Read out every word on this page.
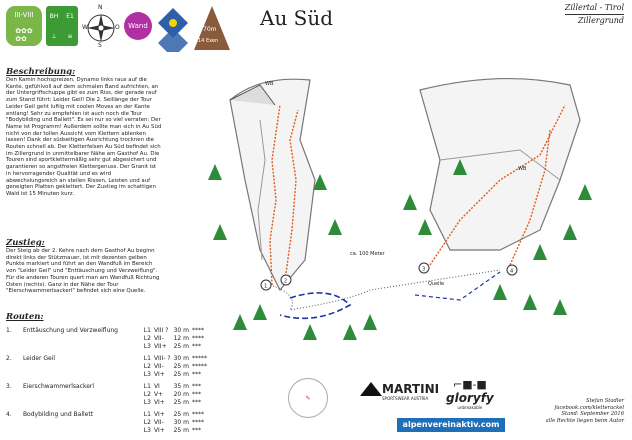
III-VIII
✿✿✿
✿✿
BH	E1
⊥	≡
N
O
S
W	Wand	70m
14 Exen
Au Süd	Zillertal - Tirol
Zillergrund
Beschreibung:
Den Kamin hochspreizen, Dynamo links raus auf die Kante, gefühlvoll auf dem schmalen Band aufrichten, an der Untergriffschuppe gibt es zum Riss, der gerade rauf zum Stand führt: Leider Geil! Die 2. Seillänge der Tour Leider Geil geht luftig mit coolen Moves an der Kante entlang! Sehr zu empfehlen ist auch noch die Tour "Bodybilding und Ballett". Es sei nur so viel verraten: Der Name ist Programm! Außerdem sollte man sich in Au Süd nicht von der tollen Aussicht vom Klettern ablenken lassen! Dank der südseitigen Ausrichtung trocknen die Routen schnell ab. Der Kletterfelsen Au Süd befindet sich im Zillergrund in unmittelbarer Nähe am Gasthof Au. Die Touren sind sportklettermäßig sehr gut abgesichert und garantieren so angstfreien Klettergenuss. Der Granit ist in hervorragender Qualität und es wird abwechslungsreich an steilen Rissen, Leisten und auf geneigten Platten geklettert. Der Zustieg im schattigen Wald ist 15 Minuten kurz.
Zustieg:
Der Steig ab der 2. Kehre nach dem Gasthof Au beginn direkt links der Stützmauer, ist mit dezenten gelben Punkte markiert und führt an den Wandfuß im Bereich von "Leider Geil" und "Enttäuschung und Verzweiflung". Für die anderen Touren quert man am Wandfuß Richtung Osten (rechts). Ganz in der Nähe der Tour "Eierschwammerlsackerl" befindet sich eine Quelle.
Routen:
1.	Enttäuschung und Verzweiflung	L1	VIII ?	30 m	****
		L2	VII-	12 m	****
		L3	VII+	25 m	***

2.	Leider Geil	L1	VIII- ?	30 m	*****
		L2	VII-	25 m	*****
		L3	VI+	25 m	***

3.	Eierschwammerlsackerl	L1	VI	35 m	***
		L2	V+	20 m	***
		L3	VI+	25 m	***

4.	Bodybilding und Ballett	L1	VI+	25 m	****
		L2	VII-	30 m	****
		L3	VI+	25 m	***
1
2
3	4
ca. 100 Meter
Quelle
WB
WB
✎
MARTINI
SPORTSWEAR AUSTRIA
⌐■-■
gloryfy
unbreakable
alpenvereinaktiv.com
Stefan Stadler
facebook.com/kletterackel
Stand: September 2016
alle Rechte liegen beim Autor
